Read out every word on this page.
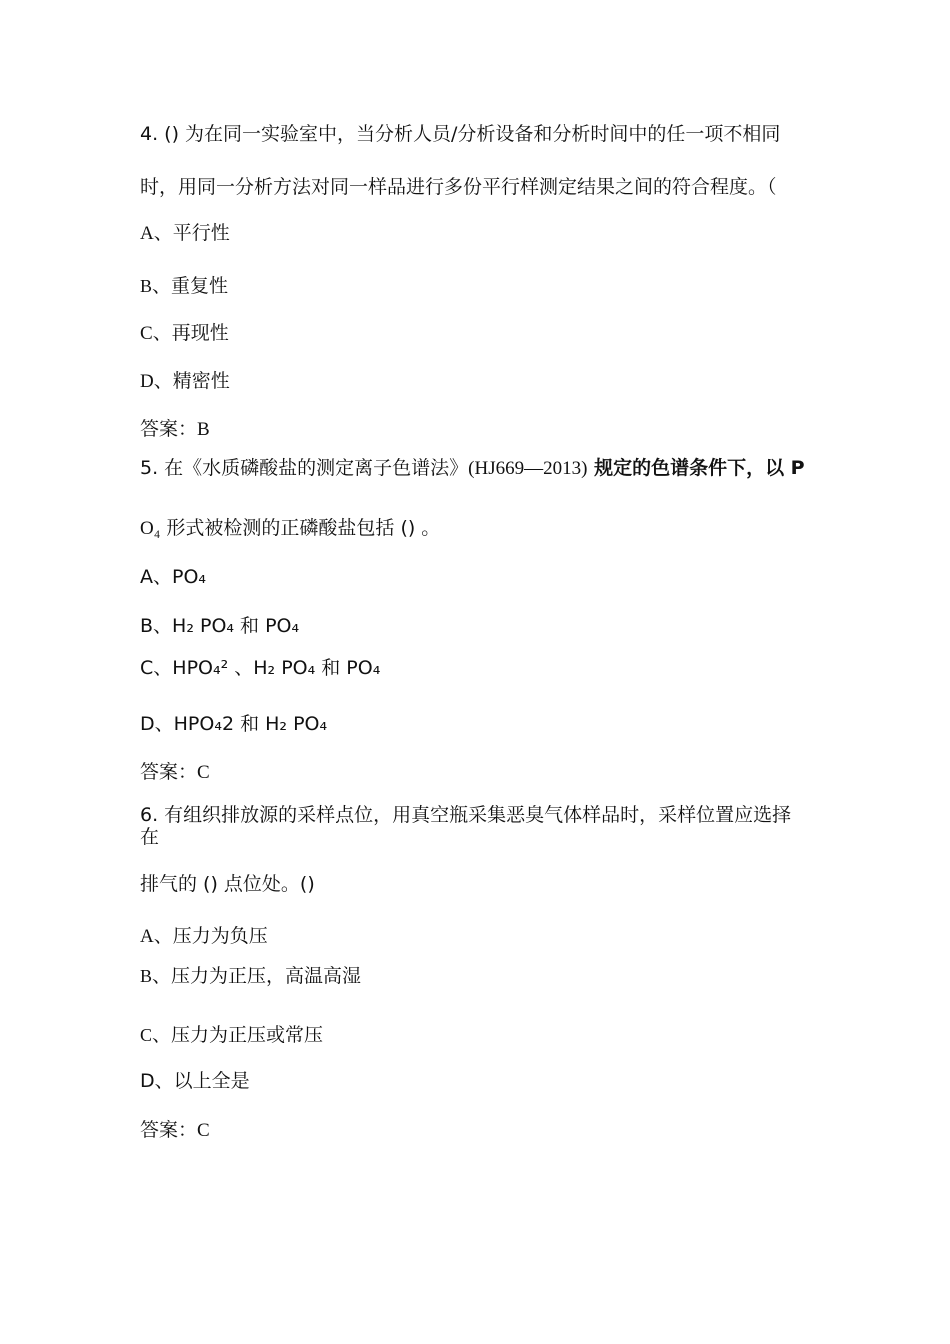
4. () 为在同一实验室中，当分析人员/分析设备和分析时间中的任一项不相同
时，用同一分析方法对同一样品进行多份平行样测定结果之间的符合程度。（
A、平行性
B、重复性
C、再现性
D、精密性
答案：B
5. 在《水质磷酸盐的测定离子色谱法》(HJ669—2013) 规定的色谱条件下，以 P
O₄ 形式被检测的正磷酸盐包括 () 。
A、PO₄
B、H₂ PO₄ 和 PO₄
C、HPO₄² 、H₂ PO₄ 和 PO₄
D、HPO₄2 和 H₂ PO₄
答案：C
6. 有组织排放源的采样点位，用真空瓶采集恶臭气体样品时，采样位置应选择
在
排气的 () 点位处。()
A、压力为负压
B、压力为正压，高温高湿
C、压力为正压或常压
D、以上全是
答案：C
